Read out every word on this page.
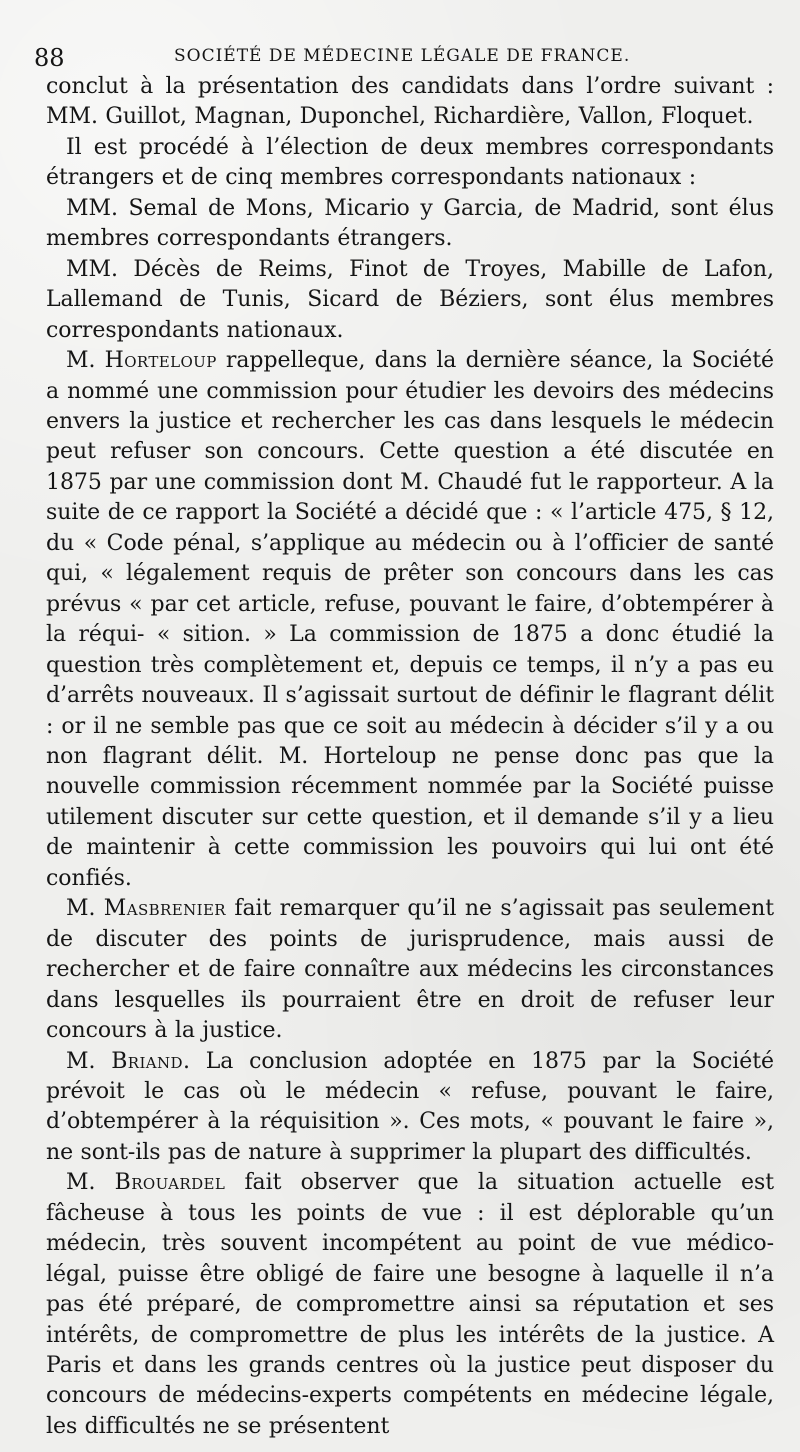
88	SOCIÉTÉ DE MÉDECINE LÉGALE DE FRANCE.

conclut à la présentation des candidats dans l’ordre suivant : MM. Guillot, Magnan, Duponchel, Richardière, Vallon, Floquet.

Il est procédé à l’élection de deux membres correspondants étrangers et de cinq membres correspondants nationaux :

MM. Semal de Mons, Micario y Garcia, de Madrid, sont élus membres correspondants étrangers.

MM. Décès de Reims, Finot de Troyes, Mabille de Lafon, Lallemand de Tunis, Sicard de Béziers, sont élus membres correspondants nationaux.

M. Horteloup rappelleque, dans la dernière séance, la Société a nommé une commission pour étudier les devoirs des médecins envers la justice et rechercher les cas dans lesquels le médecin peut refuser son concours. Cette question a été discutée en 1875 par une commission dont M. Chaudé fut le rapporteur. A la suite de ce rapport la Société a décidé que : « l’article 475, § 12, du « Code pénal, s’applique au médecin ou à l’officier de santé qui, « légalement requis de prêter son concours dans les cas prévus « par cet article, refuse, pouvant le faire, d’obtempérer à la réqui- « sition. » La commission de 1875 a donc étudié la question très complètement et, depuis ce temps, il n’y a pas eu d’arrêts nouveaux. Il s’agissait surtout de définir le flagrant délit : or il ne semble pas que ce soit au médecin à décider s’il y a ou non flagrant délit. M. Horteloup ne pense donc pas que la nouvelle commission récemment nommée par la Société puisse utilement discuter sur cette question, et il demande s’il y a lieu de maintenir à cette commission les pouvoirs qui lui ont été confiés.

M. Masbrenier fait remarquer qu’il ne s’agissait pas seulement de discuter des points de jurisprudence, mais aussi de rechercher et de faire connaître aux médecins les circonstances dans lesquelles ils pourraient être en droit de refuser leur concours à la justice.

M. Briand. La conclusion adoptée en 1875 par la Société prévoit le cas où le médecin « refuse, pouvant le faire, d’obtempérer à la réquisition ». Ces mots, « pouvant le faire », ne sont-ils pas de nature à supprimer la plupart des difficultés.

M. Brouardel fait observer que la situation actuelle est fâcheuse à tous les points de vue : il est déplorable qu’un médecin, très souvent incompétent au point de vue médico-légal, puisse être obligé de faire une besogne à laquelle il n’a pas été préparé, de compromettre ainsi sa réputation et ses intérêts, de compromettre de plus les intérêts de la justice. A Paris et dans les grands centres où la justice peut disposer du concours de médecins-experts compétents en médecine légale, les difficultés ne se présentent
